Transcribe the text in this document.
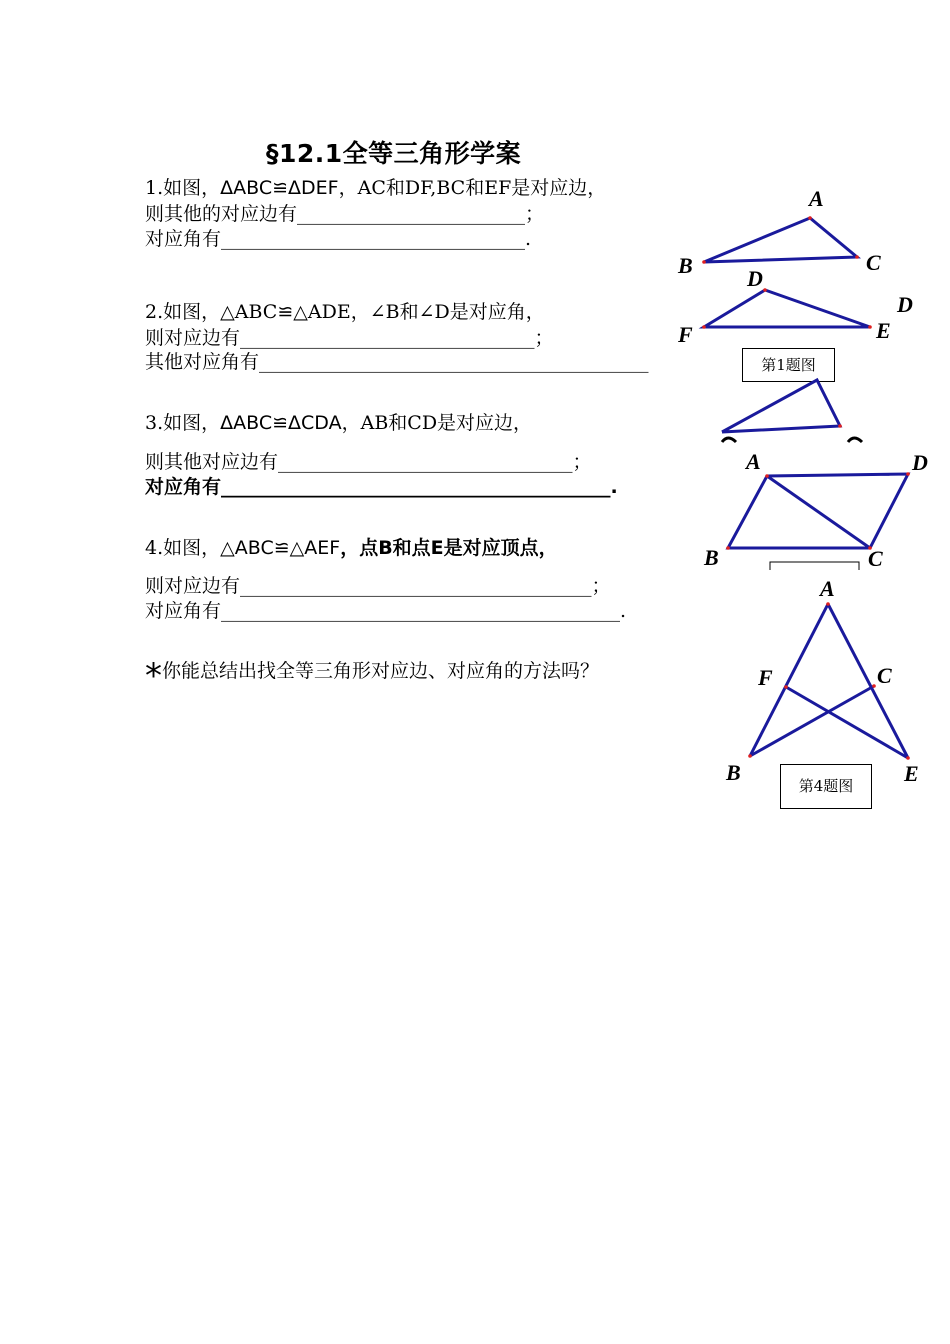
§12.1全等三角形学案
1.如图，ΔABC≌ΔDEF，AC和DF,BC和EF是对应边，
则其他的对应边有________________________；
对应角有________________________________.
2.如图，△ABC≌△ADE，∠B和∠D是对应角，
则对应边有_______________________________；
其他对应角有_________________________________________
3.如图，ΔABC≌ΔCDA，AB和CD是对应边，
则其他对应边有_______________________________；
对应角有_________________________________________.
4.如图，△ABC≌△AEF，点B和点E是对应顶点，
则对应边有_____________________________________；
对应角有__________________________________________.
*你能总结出找全等三角形对应边、对应角的方法吗？
A
B	C
D
F	E
第1题图
D
A	D
B	C
A
F	C
B	E
第4题图
